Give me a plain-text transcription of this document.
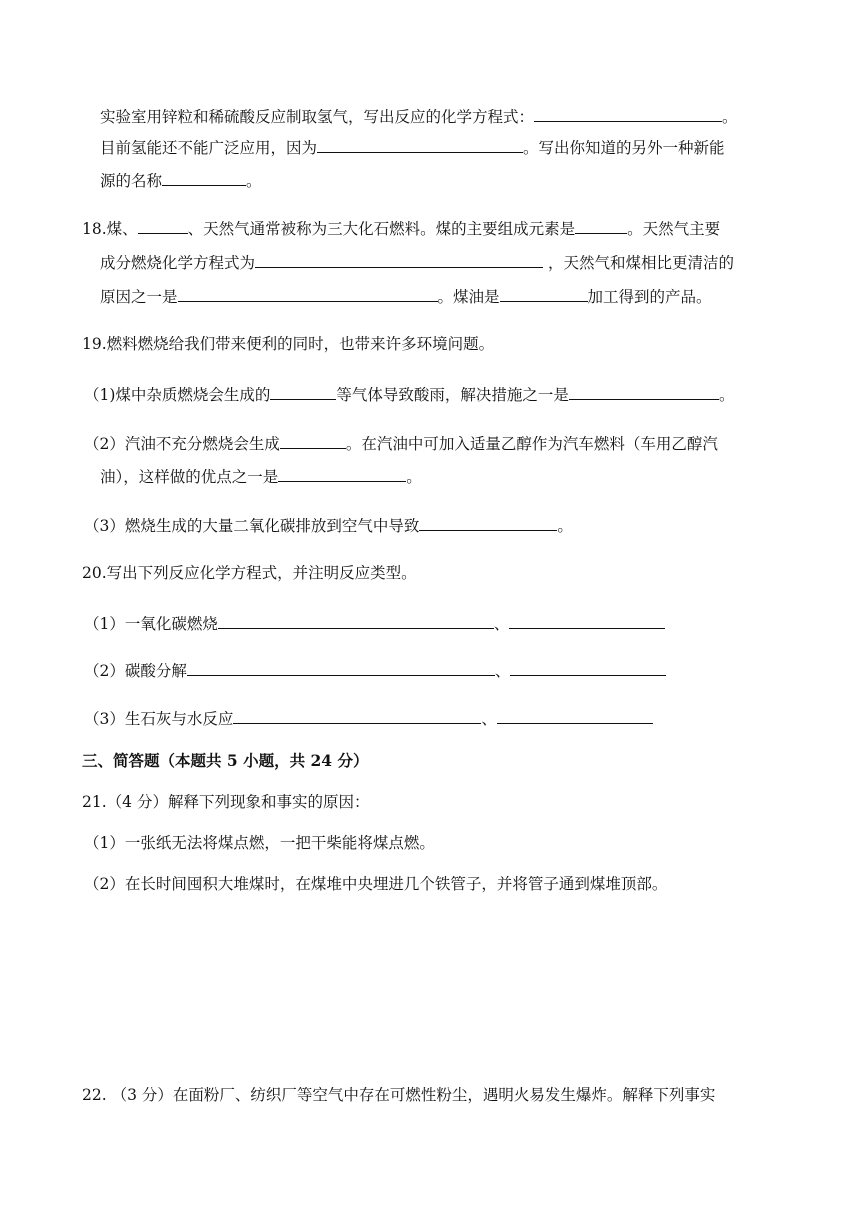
实验室用锌粒和稀硫酸反应制取氢气，写出反应的化学方程式：	。
目前氢能还不能广泛应用，因为	。写出你知道的另外一种新能
源的名称	。
18.煤、	、天然气通常被称为三大化石燃料。煤的主要组成元素是	。天然气主要
成分燃烧化学方程式为	，天然气和煤相比更清洁的
原因之一是	。煤油是	加工得到的产品。
19.燃料燃烧给我们带来便利的同时，也带来许多环境问题。
（1)煤中杂质燃烧会生成的	等气体导致酸雨，解决措施之一是	。
（2）汽油不充分燃烧会生成	。在汽油中可加入适量乙醇作为汽车燃料（车用乙醇汽
油），这样做的优点之一是	。
（3）燃烧生成的大量二氧化碳排放到空气中导致	。
20.写出下列反应化学方程式，并注明反应类型。
（1）一氧化碳燃烧	、
（2）碳酸分解	、
（3）生石灰与水反应	、
三、简答题（本题共 5 小题，共 24 分）
21.（4 分）解释下列现象和事实的原因：
（1）一张纸无法将煤点燃，一把干柴能将煤点燃。
（2）在长时间囤积大堆煤时，在煤堆中央埋进几个铁管子，并将管子通到煤堆顶部。
22. （3 分）在面粉厂、纺织厂等空气中存在可燃性粉尘，遇明火易发生爆炸。解释下列事实
